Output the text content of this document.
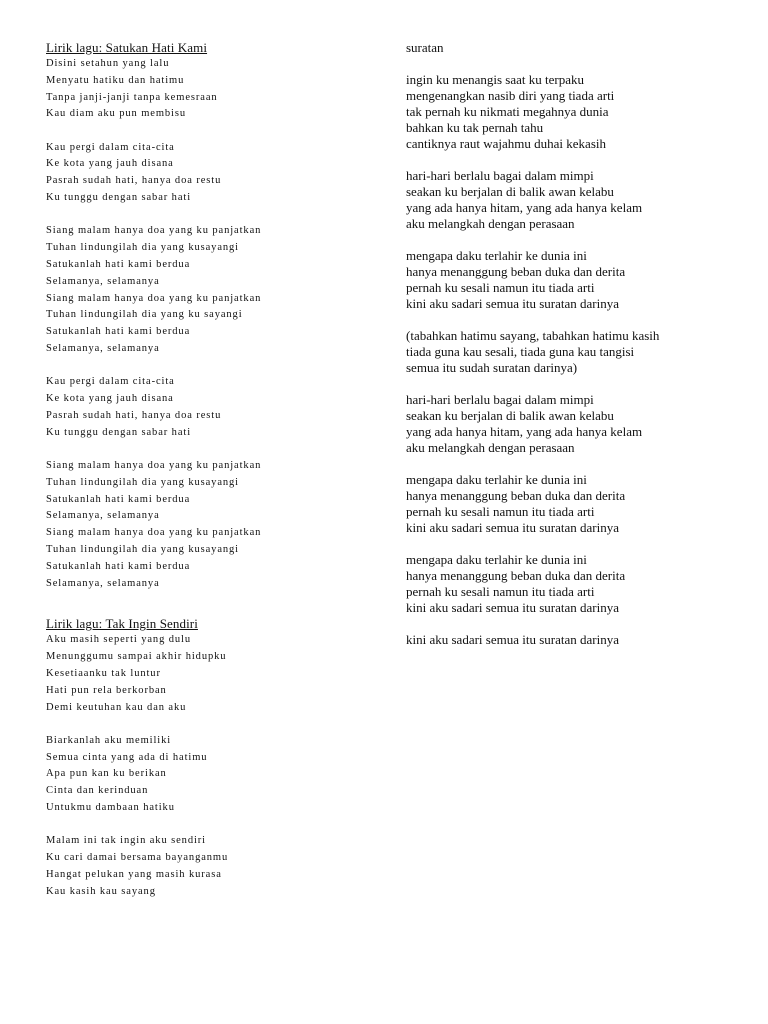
Lirik lagu: Satukan Hati Kami
Disini setahun yang lalu
Menyatu hatiku dan hatimu
Tanpa janji-janji tanpa kemesraan
Kau diam aku pun membisu
Kau pergi dalam cita-cita
Ke kota yang jauh disana
Pasrah sudah hati, hanya doa restu
Ku tunggu dengan sabar hati
Siang malam hanya doa yang ku panjatkan
Tuhan lindungilah dia yang kusayangi
Satukanlah hati kami berdua
Selamanya, selamanya
Siang malam hanya doa yang ku panjatkan
Tuhan lindungilah dia yang ku sayangi
Satukanlah hati kami berdua
Selamanya, selamanya
Kau pergi dalam cita-cita
Ke kota yang jauh disana
Pasrah sudah hati, hanya doa restu
Ku tunggu dengan sabar hati
Siang malam hanya doa yang ku panjatkan
Tuhan lindungilah dia yang kusayangi
Satukanlah hati kami berdua
Selamanya, selamanya
Siang malam hanya doa yang ku panjatkan
Tuhan lindungilah dia yang kusayangi
Satukanlah hati kami berdua
Selamanya, selamanya
Lirik lagu: Tak Ingin Sendiri
Aku masih seperti yang dulu
Menunggumu sampai akhir hidupku
Kesetiaanku tak luntur
Hati pun rela berkorban
Demi keutuhan kau dan aku
Biarkanlah aku memiliki
Semua cinta yang ada di hatimu
Apa pun kan ku berikan
Cinta dan kerinduan
Untukmu dambaan hatiku
Malam ini tak ingin aku sendiri
Ku cari damai bersama bayanganmu
Hangat pelukan yang masih kurasa
Kau kasih kau sayang
suratan
ingin ku menangis saat ku terpaku
mengenangkan nasib diri yang tiada arti
tak pernah ku nikmati megahnya dunia
bahkan ku tak pernah tahu
cantiknya raut wajahmu duhai kekasih
hari-hari berlalu bagai dalam mimpi
seakan ku berjalan di balik awan kelabu
yang ada hanya hitam, yang ada hanya kelam
aku melangkah dengan perasaan
mengapa daku terlahir ke dunia ini
hanya menanggung beban duka dan derita
pernah ku sesali namun itu tiada arti
kini aku sadari semua itu suratan darinya
(tabahkan hatimu sayang, tabahkan hatimu kasih
tiada guna kau sesali, tiada guna kau tangisi
semua itu sudah suratan darinya)
hari-hari berlalu bagai dalam mimpi
seakan ku berjalan di balik awan kelabu
yang ada hanya hitam, yang ada hanya kelam
aku melangkah dengan perasaan
mengapa daku terlahir ke dunia ini
hanya menanggung beban duka dan derita
pernah ku sesali namun itu tiada arti
kini aku sadari semua itu suratan darinya
mengapa daku terlahir ke dunia ini
hanya menanggung beban duka dan derita
pernah ku sesali namun itu tiada arti
kini aku sadari semua itu suratan darinya
kini aku sadari semua itu suratan darinya
